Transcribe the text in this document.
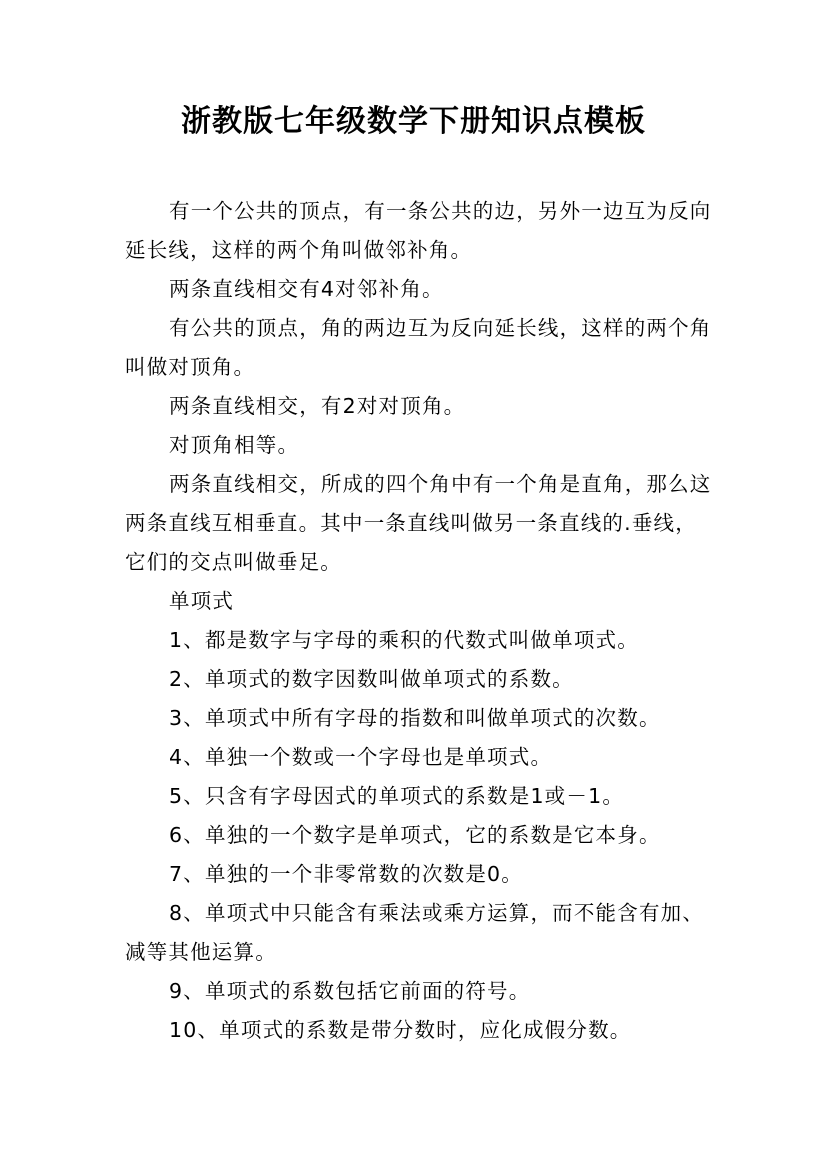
浙教版七年级数学下册知识点模板

有一个公共的顶点，有一条公共的边，另外一边互为反向延长线，这样的两个角叫做邻补角。

两条直线相交有4对邻补角。

有公共的顶点，角的两边互为反向延长线，这样的两个角叫做对顶角。

两条直线相交，有2对对顶角。

对顶角相等。

两条直线相交，所成的四个角中有一个角是直角，那么这两条直线互相垂直。其中一条直线叫做另一条直线的.垂线，它们的交点叫做垂足。

单项式

1、都是数字与字母的乘积的代数式叫做单项式。

2、单项式的数字因数叫做单项式的系数。

3、单项式中所有字母的指数和叫做单项式的次数。

4、单独一个数或一个字母也是单项式。

5、只含有字母因式的单项式的系数是1或－1。

6、单独的一个数字是单项式，它的系数是它本身。

7、单独的一个非零常数的次数是0。

8、单项式中只能含有乘法或乘方运算，而不能含有加、减等其他运算。

9、单项式的系数包括它前面的符号。

10、单项式的系数是带分数时，应化成假分数。
